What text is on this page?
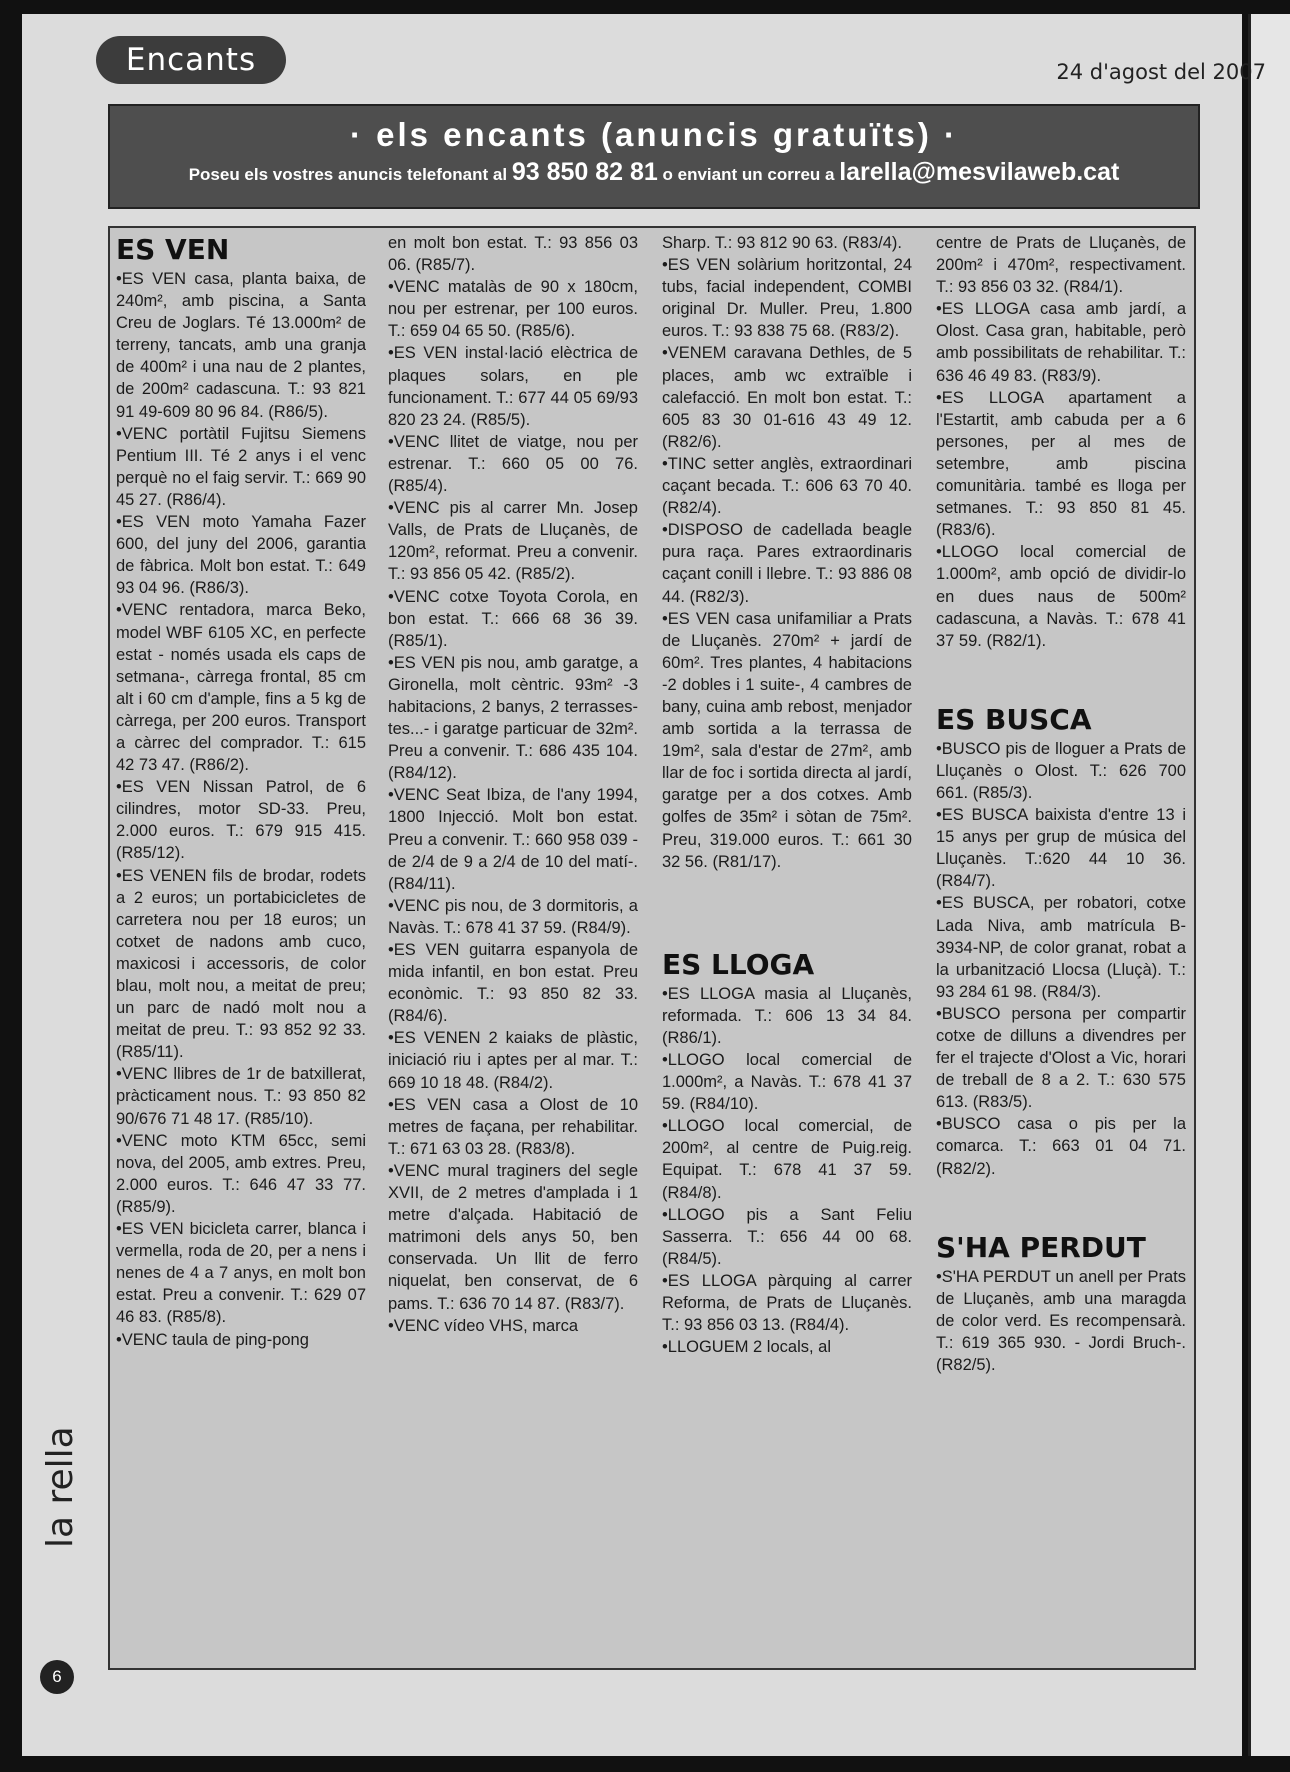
Encants	24 d'agost del 2007
· els encants (anuncis gratuïts) ·
Poseu els vostres anuncis telefonant al 93 850 82 81 o enviant un correu a larella@mesvilaweb.cat

ES VEN

•ES VEN casa, planta baixa, de 240m², amb piscina, a Santa Creu de Joglars. Té 13.000m² de terreny, tancats, amb una granja de 400m² i una nau de 2 plantes, de 200m² cadascuna. T.: 93 821 91 49-609 80 96 84. (R86/5).

•VENC portàtil Fujitsu Siemens Pentium III. Té 2 anys i el venc perquè no el faig servir. T.: 669 90 45 27. (R86/4).

•ES VEN moto Yamaha Fazer 600, del juny del 2006, garantia de fàbrica. Molt bon estat. T.: 649 93 04 96. (R86/3).

•VENC rentadora, marca Beko, model WBF 6105 XC, en perfecte estat - només usada els caps de setmana-, càrrega frontal, 85 cm alt i 60 cm d'ample, fins a 5 kg de càrrega, per 200 euros. Transport a càrrec del comprador. T.: 615 42 73 47. (R86/2).

•ES VEN Nissan Patrol, de 6 cilindres, motor SD-33. Preu, 2.000 euros. T.: 679 915 415. (R85/12).

•ES VENEN fils de brodar, rodets a 2 euros; un portabicicletes de carretera nou per 18 euros; un cotxet de nadons amb cuco, maxicosi i accessoris, de color blau, molt nou, a meitat de preu; un parc de nadó molt nou a meitat de preu. T.: 93 852 92 33. (R85/11).

•VENC llibres de 1r de batxillerat, pràcticament nous. T.: 93 850 82 90/676 71 48 17. (R85/10).

•VENC moto KTM 65cc, semi nova, del 2005, amb extres. Preu, 2.000 euros. T.: 646 47 33 77. (R85/9).

•ES VEN bicicleta carrer, blanca i vermella, roda de 20, per a nens i nenes de 4 a 7 anys, en molt bon estat. Preu a convenir. T.: 629 07 46 83. (R85/8).

•VENC taula de ping-pong

en molt bon estat. T.: 93 856 03 06. (R85/7).

•VENC matalàs de 90 x 180cm, nou per estrenar, per 100 euros. T.: 659 04 65 50. (R85/6).

•ES VEN instal·lació elèctrica de plaques solars, en ple funcionament. T.: 677 44 05 69/93 820 23 24. (R85/5).

•VENC llitet de viatge, nou per estrenar. T.: 660 05 00 76. (R85/4).

•VENC pis al carrer Mn. Josep Valls, de Prats de Lluçanès, de 120m², reformat. Preu a convenir. T.: 93 856 05 42. (R85/2).

•VENC cotxe Toyota Corola, en bon estat. T.: 666 68 36 39. (R85/1).

•ES VEN pis nou, amb garatge, a Gironella, molt cèntric. 93m² -3 habitacions, 2 banys, 2 terrasses-tes...- i garatge particuar de 32m². Preu a convenir. T.: 686 435 104. (R84/12).

•VENC Seat Ibiza, de l'any 1994, 1800 Injecció. Molt bon estat. Preu a convenir. T.: 660 958 039 -de 2/4 de 9 a 2/4 de 10 del matí-. (R84/11).

•VENC pis nou, de 3 dormitoris, a Navàs. T.: 678 41 37 59. (R84/9).

•ES VEN guitarra espanyola de mida infantil, en bon estat. Preu econòmic. T.: 93 850 82 33. (R84/6).

•ES VENEN 2 kaiaks de plàstic, iniciació riu i aptes per al mar. T.: 669 10 18 48. (R84/2).

•ES VEN casa a Olost de 10 metres de façana, per rehabilitar. T.: 671 63 03 28. (R83/8).

•VENC mural traginers del segle XVII, de 2 metres d'amplada i 1 metre d'alçada. Habitació de matrimoni dels anys 50, ben conservada. Un llit de ferro niquelat, ben conservat, de 6 pams. T.: 636 70 14 87. (R83/7).

•VENC vídeo VHS, marca

Sharp. T.: 93 812 90 63. (R83/4).

•ES VEN solàrium horitzontal, 24 tubs, facial independent, COMBI original Dr. Muller. Preu, 1.800 euros. T.: 93 838 75 68. (R83/2).

•VENEM caravana Dethles, de 5 places, amb wc extraïble i calefacció. En molt bon estat. T.: 605 83 30 01-616 43 49 12. (R82/6).

•TINC setter anglès, extraordinari caçant becada. T.: 606 63 70 40. (R82/4).

•DISPOSO de cadellada beagle pura raça. Pares extraordinaris caçant conill i llebre. T.: 93 886 08 44. (R82/3).

•ES VEN casa unifamiliar a Prats de Lluçanès. 270m² + jardí de 60m². Tres plantes, 4 habitacions -2 dobles i 1 suite-, 4 cambres de bany, cuina amb rebost, menjador amb sortida a la terrassa de 19m², sala d'estar de 27m², amb llar de foc i sortida directa al jardí, garatge per a dos cotxes. Amb golfes de 35m² i sòtan de 75m². Preu, 319.000 euros. T.: 661 30 32 56. (R81/17).

ES LLOGA

•ES LLOGA masia al Lluçanès, reformada. T.: 606 13 34 84. (R86/1).

•LLOGO local comercial de 1.000m², a Navàs. T.: 678 41 37 59. (R84/10).

•LLOGO local comercial, de 200m², al centre de Puig.reig. Equipat. T.: 678 41 37 59. (R84/8).

•LLOGO pis a Sant Feliu Sasserra. T.: 656 44 00 68. (R84/5).

•ES LLOGA pàrquing al carrer Reforma, de Prats de Lluçanès. T.: 93 856 03 13. (R84/4).

•LLOGUEM 2 locals, al

centre de Prats de Lluçanès, de 200m² i 470m², respectivament. T.: 93 856 03 32. (R84/1).

•ES LLOGA casa amb jardí, a Olost. Casa gran, habitable, però amb possibilitats de rehabilitar. T.: 636 46 49 83. (R83/9).

•ES LLOGA apartament a l'Estartit, amb cabuda per a 6 persones, per al mes de setembre, amb piscina comunitària. també es lloga per setmanes. T.: 93 850 81 45. (R83/6).

•LLOGO local comercial de 1.000m², amb opció de dividir-lo en dues naus de 500m² cadascuna, a Navàs. T.: 678 41 37 59. (R82/1).

ES BUSCA

•BUSCO pis de lloguer a Prats de Lluçanès o Olost. T.: 626 700 661. (R85/3).

•ES BUSCA baixista d'entre 13 i 15 anys per grup de música del Lluçanès. T.:620 44 10 36. (R84/7).

•ES BUSCA, per robatori, cotxe Lada Niva, amb matrícula B-3934-NP, de color granat, robat a la urbanització Llocsa (Lluçà). T.: 93 284 61 98. (R84/3).

•BUSCO persona per compartir cotxe de dilluns a divendres per fer el trajecte d'Olost a Vic, horari de treball de 8 a 2. T.: 630 575 613. (R83/5).

•BUSCO casa o pis per la comarca. T.: 663 01 04 71. (R82/2).

S'HA PERDUT

•S'HA PERDUT un anell per Prats de Lluçanès, amb una maragda de color verd. Es recompensarà. T.: 619 365 930. - Jordi Bruch-.(R82/5).

la rella
6
